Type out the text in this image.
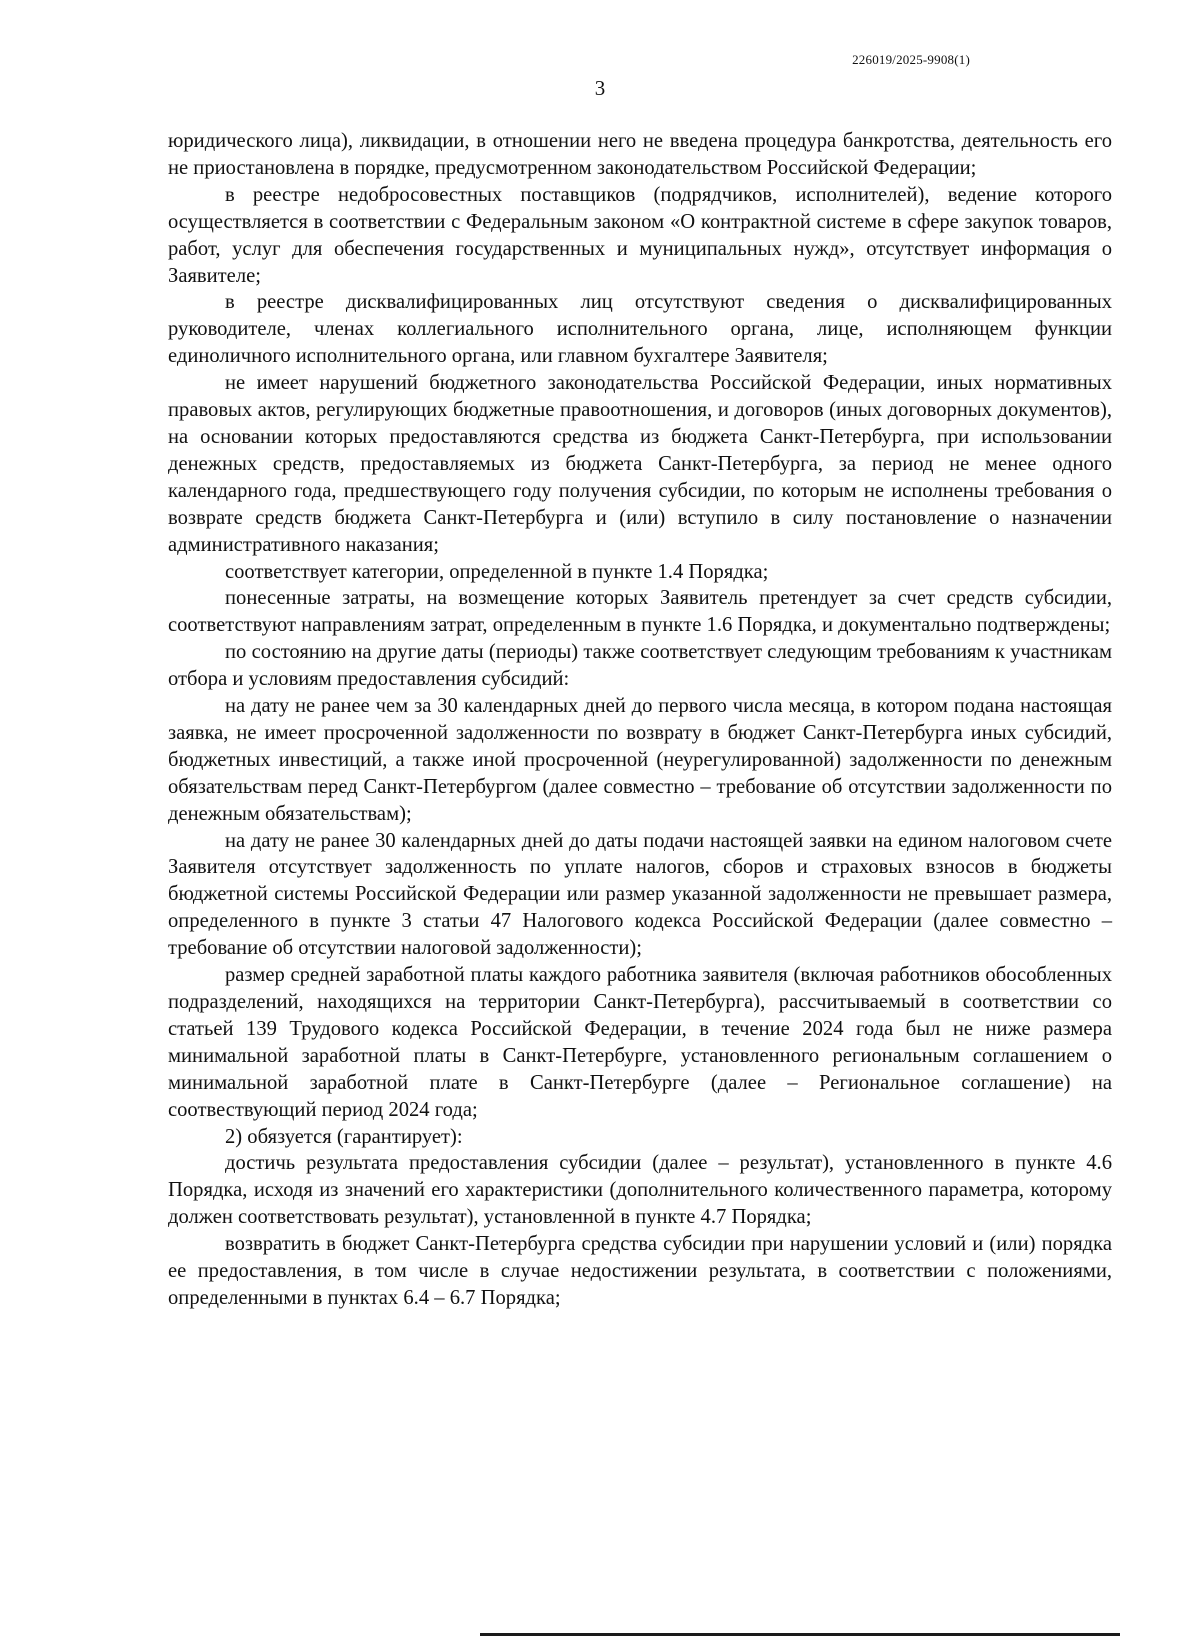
226019/2025-9908(1)
3

юридического лица), ликвидации, в отношении него не введена процедура банкротства, деятельность его не приостановлена в порядке, предусмотренном законодательством Российской Федерации;

в реестре недобросовестных поставщиков (подрядчиков, исполнителей), ведение которого осуществляется в соответствии с Федеральным законом «О контрактной системе в сфере закупок товаров, работ, услуг для обеспечения государственных и муниципальных нужд», отсутствует информация о Заявителе;

в реестре дисквалифицированных лиц отсутствуют сведения о дисквалифицированных руководителе, членах коллегиального исполнительного органа, лице, исполняющем функции единоличного исполнительного органа, или главном бухгалтере Заявителя;

не имеет нарушений бюджетного законодательства Российской Федерации, иных нормативных правовых актов, регулирующих бюджетные правоотношения, и договоров (иных договорных документов), на основании которых предоставляются средства из бюджета Санкт-Петербурга, при использовании денежных средств, предоставляемых из бюджета Санкт-Петербурга, за период не менее одного календарного года, предшествующего году получения субсидии, по которым не исполнены требования о возврате средств бюджета Санкт-Петербурга и (или) вступило в силу постановление о назначении административного наказания;

соответствует категории, определенной в пункте 1.4 Порядка;

понесенные затраты, на возмещение которых Заявитель претендует за счет средств субсидии, соответствуют направлениям затрат, определенным в пункте 1.6 Порядка, и документально подтверждены;

по состоянию на другие даты (периоды) также соответствует следующим требованиям к участникам отбора и условиям предоставления субсидий:

на дату не ранее чем за 30 календарных дней до первого числа месяца, в котором подана настоящая заявка, не имеет просроченной задолженности по возврату в бюджет Санкт-Петербурга иных субсидий, бюджетных инвестиций, а также иной просроченной (неурегулированной) задолженности по денежным обязательствам перед Санкт-Петербургом (далее совместно – требование об отсутствии задолженности по денежным обязательствам);

на дату не ранее 30 календарных дней до даты подачи настоящей заявки на едином налоговом счете Заявителя отсутствует задолженность по уплате налогов, сборов и страховых взносов в бюджеты бюджетной системы Российской Федерации или размер указанной задолженности не превышает размера, определенного в пункте 3 статьи 47 Налогового кодекса Российской Федерации (далее совместно – требование об отсутствии налоговой задолженности);

размер средней заработной платы каждого работника заявителя (включая работников обособленных подразделений, находящихся на территории Санкт-Петербурга), рассчитываемый в соответствии со статьей 139 Трудового кодекса Российской Федерации, в течение 2024 года был не ниже размера минимальной заработной платы в Санкт-Петербурге, установленного региональным соглашением о минимальной заработной плате в Санкт-Петербурге (далее – Региональное соглашение) на соотвествующий период 2024 года;

2) обязуется (гарантирует):

достичь результата предоставления субсидии (далее – результат), установленного в пункте 4.6 Порядка, исходя из значений его характеристики (дополнительного количественного параметра, которому должен соответствовать результат), установленной в пункте 4.7 Порядка;

возвратить в бюджет Санкт-Петербурга средства субсидии при нарушении условий и (или) порядка ее предоставления, в том числе в случае недостижении результата, в соответствии с положениями, определенными в пунктах 6.4 – 6.7 Порядка;
